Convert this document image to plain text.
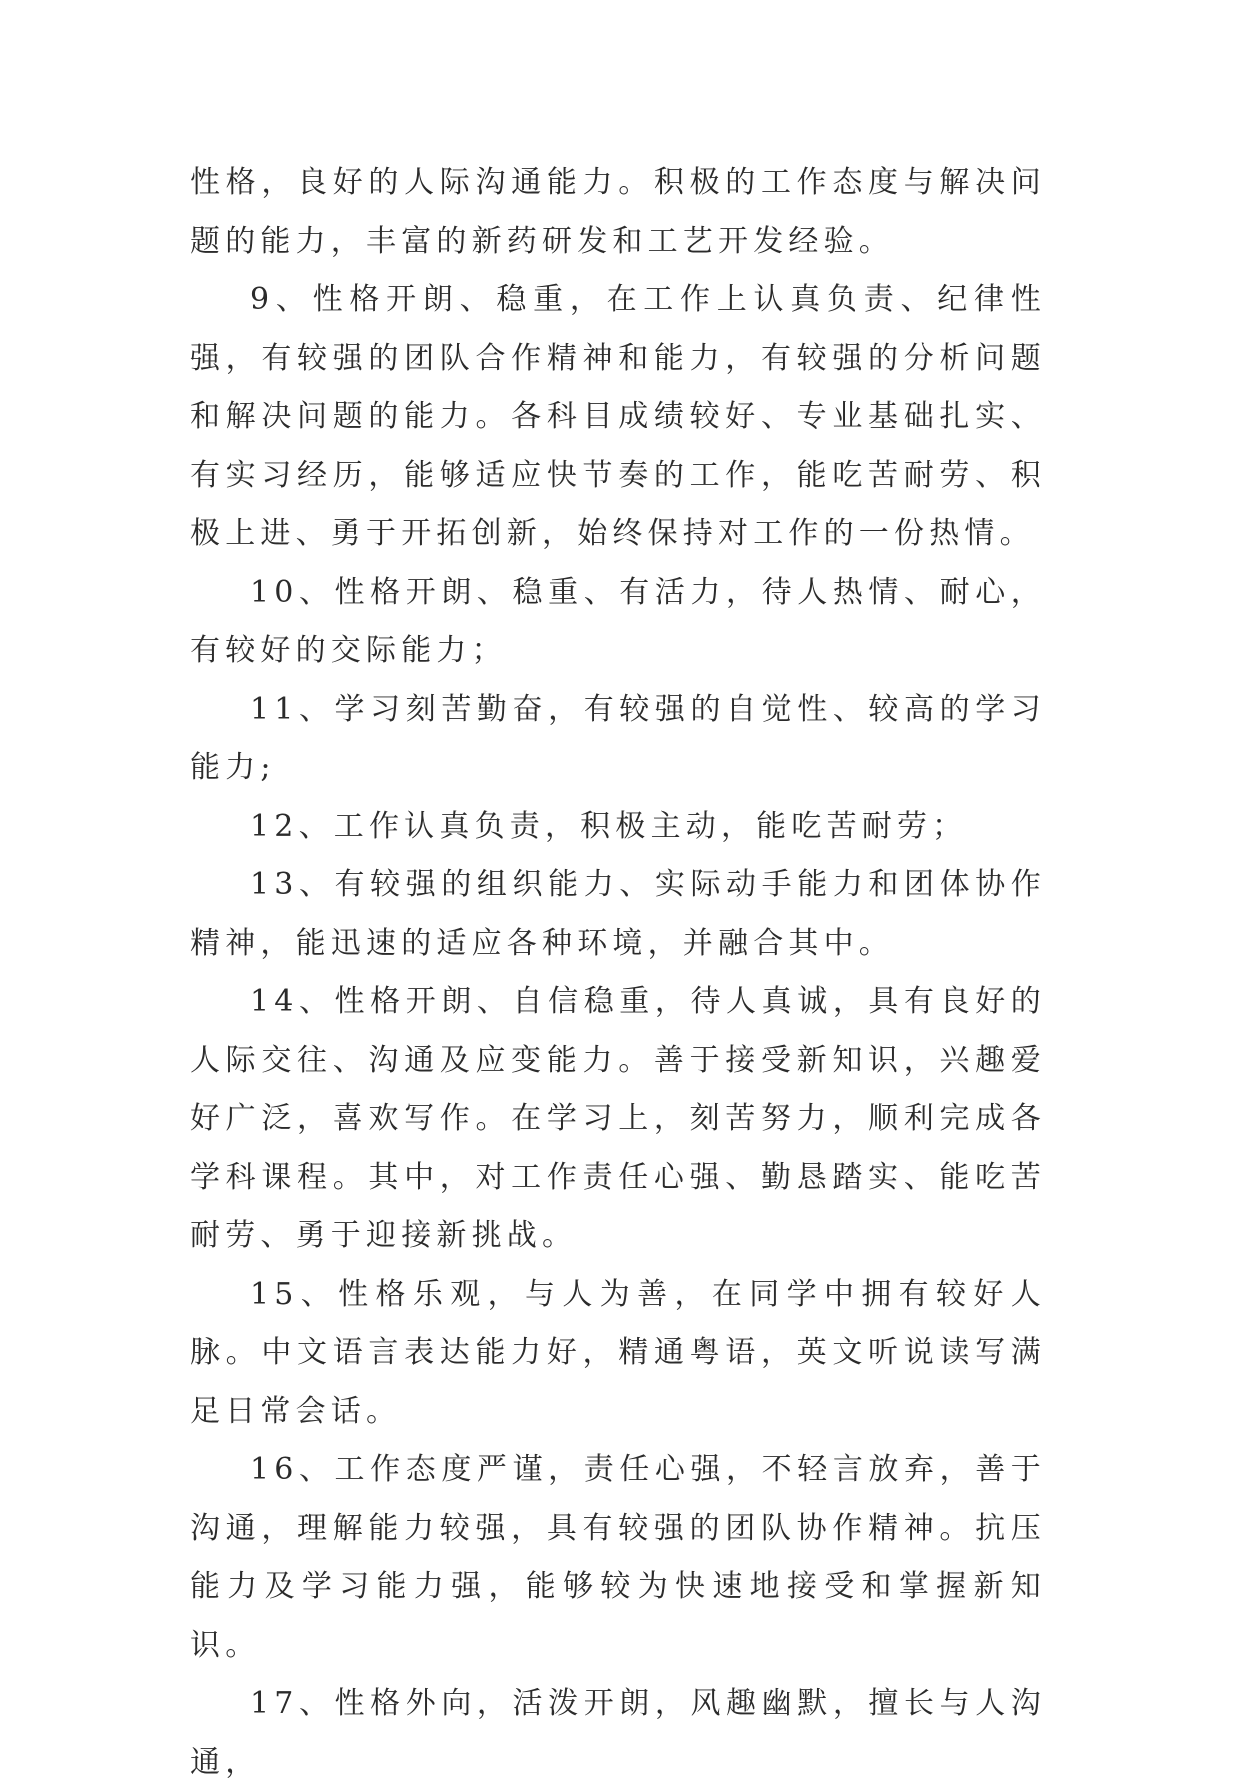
性格，良好的人际沟通能力。积极的工作态度与解决问题的能力，丰富的新药研发和工艺开发经验。

9、性格开朗、稳重，在工作上认真负责、纪律性强，有较强的团队合作精神和能力，有较强的分析问题和解决问题的能力。各科目成绩较好、专业基础扎实、有实习经历，能够适应快节奏的工作，能吃苦耐劳、积极上进、勇于开拓创新，始终保持对工作的一份热情。

10、性格开朗、稳重、有活力，待人热情、耐心，有较好的交际能力；

11、学习刻苦勤奋，有较强的自觉性、较高的学习能力;

12、工作认真负责，积极主动，能吃苦耐劳；

13、有较强的组织能力、实际动手能力和团体协作精神，能迅速的适应各种环境，并融合其中。

14、性格开朗、自信稳重，待人真诚，具有良好的人际交往、沟通及应变能力。善于接受新知识，兴趣爱好广泛，喜欢写作。在学习上，刻苦努力，顺利完成各学科课程。其中，对工作责任心强、勤恳踏实、能吃苦耐劳、勇于迎接新挑战。

15、性格乐观，与人为善，在同学中拥有较好人脉。中文语言表达能力好，精通粤语，英文听说读写满足日常会话。

16、工作态度严谨，责任心强，不轻言放弃，善于沟通，理解能力较强，具有较强的团队协作精神。抗压能力及学习能力强，能够较为快速地接受和掌握新知识。

17、性格外向，活泼开朗，风趣幽默，擅长与人沟通，
